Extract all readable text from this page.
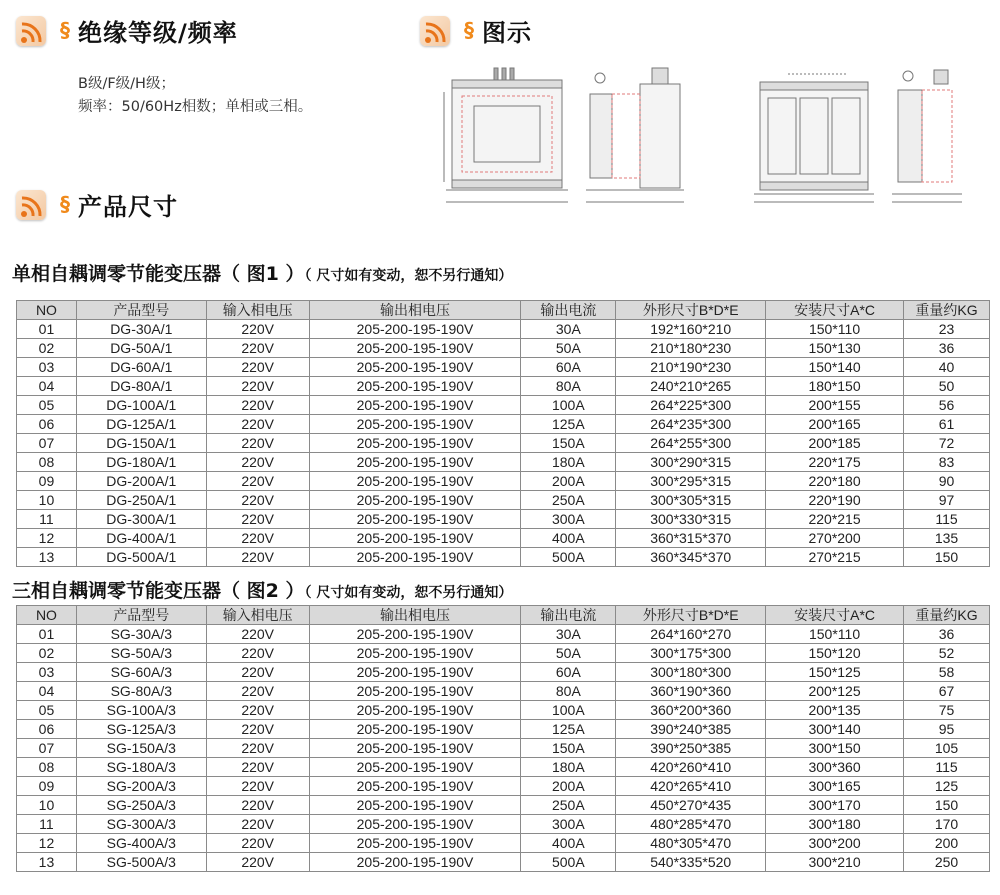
§ 绝缘等级/频率
B级/F级/H级；
频率：50/60Hz相数；单相或三相。
§ 图示
§ 产品尺寸
单相自耦调零节能变压器（ 图1 ）（ 尺寸如有变动，恕不另行通知）
NO	产品型号	输入相电压	输出相电压	输出电流	外形尺寸B*D*E	安装尺寸A*C	重量约KG
01	DG-30A/1	220V	205-200-195-190V	30A	192*160*210	150*110	23
02	DG-50A/1	220V	205-200-195-190V	50A	210*180*230	150*130	36
03	DG-60A/1	220V	205-200-195-190V	60A	210*190*230	150*140	40
04	DG-80A/1	220V	205-200-195-190V	80A	240*210*265	180*150	50
05	DG-100A/1	220V	205-200-195-190V	100A	264*225*300	200*155	56
06	DG-125A/1	220V	205-200-195-190V	125A	264*235*300	200*165	61
07	DG-150A/1	220V	205-200-195-190V	150A	264*255*300	200*185	72
08	DG-180A/1	220V	205-200-195-190V	180A	300*290*315	220*175	83
09	DG-200A/1	220V	205-200-195-190V	200A	300*295*315	220*180	90
10	DG-250A/1	220V	205-200-195-190V	250A	300*305*315	220*190	97
11	DG-300A/1	220V	205-200-195-190V	300A	300*330*315	220*215	115
12	DG-400A/1	220V	205-200-195-190V	400A	360*315*370	270*200	135
13	DG-500A/1	220V	205-200-195-190V	500A	360*345*370	270*215	150
三相自耦调零节能变压器（ 图2 ）（ 尺寸如有变动，恕不另行通知）
NO	产品型号	输入相电压	输出相电压	输出电流	外形尺寸B*D*E	安装尺寸A*C	重量约KG
01	SG-30A/3	220V	205-200-195-190V	30A	264*160*270	150*110	36
02	SG-50A/3	220V	205-200-195-190V	50A	300*175*300	150*120	52
03	SG-60A/3	220V	205-200-195-190V	60A	300*180*300	150*125	58
04	SG-80A/3	220V	205-200-195-190V	80A	360*190*360	200*125	67
05	SG-100A/3	220V	205-200-195-190V	100A	360*200*360	200*135	75
06	SG-125A/3	220V	205-200-195-190V	125A	390*240*385	300*140	95
07	SG-150A/3	220V	205-200-195-190V	150A	390*250*385	300*150	105
08	SG-180A/3	220V	205-200-195-190V	180A	420*260*410	300*360	115
09	SG-200A/3	220V	205-200-195-190V	200A	420*265*410	300*165	125
10	SG-250A/3	220V	205-200-195-190V	250A	450*270*435	300*170	150
11	SG-300A/3	220V	205-200-195-190V	300A	480*285*470	300*180	170
12	SG-400A/3	220V	205-200-195-190V	400A	480*305*470	300*200	200
13	SG-500A/3	220V	205-200-195-190V	500A	540*335*520	300*210	250
